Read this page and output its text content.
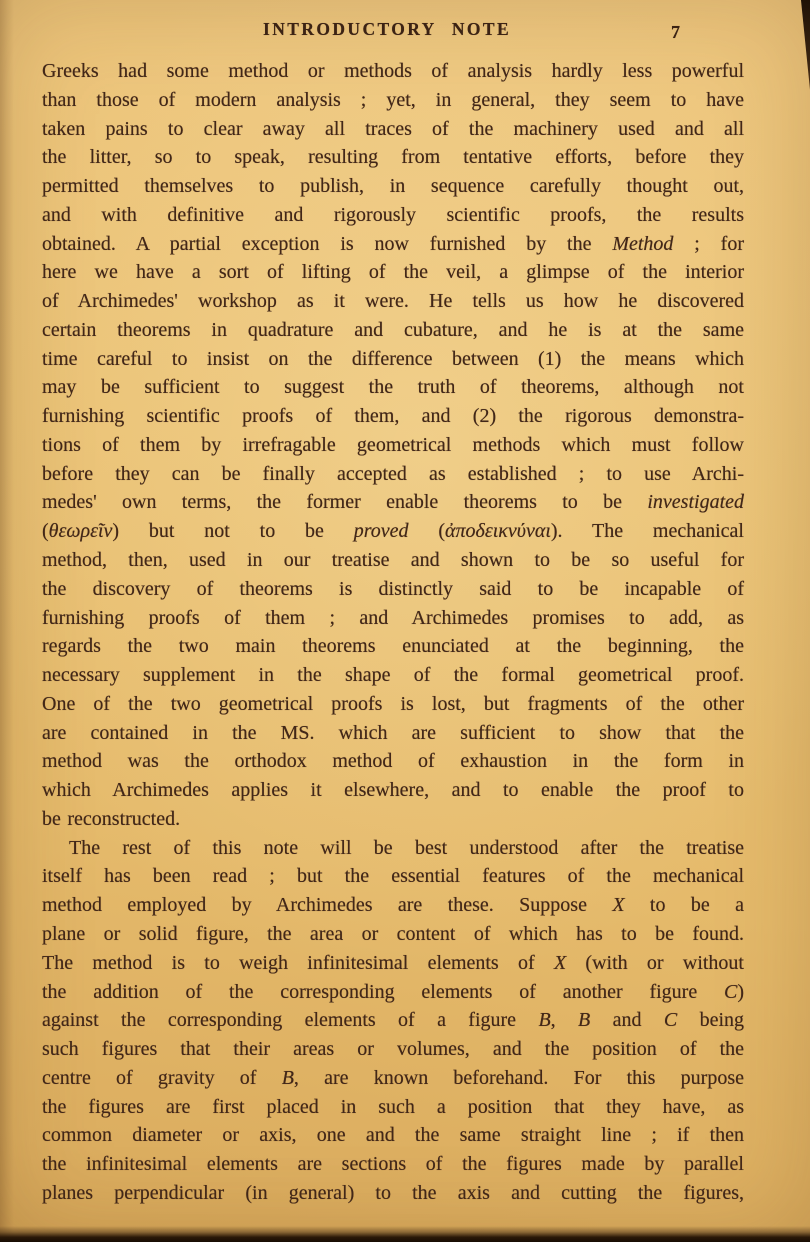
INTRODUCTORY NOTE	7
Greeks had some method or methods of analysis hardly less powerful
than those of modern analysis ; yet, in general, they seem to have
taken pains to clear away all traces of the machinery used and all
the litter, so to speak, resulting from tentative efforts, before they
permitted themselves to publish, in sequence carefully thought out,
and with definitive and rigorously scientific proofs, the results
obtained. A partial exception is now furnished by the Method ; for
here we have a sort of lifting of the veil, a glimpse of the interior
of Archimedes' workshop as it were. He tells us how he discovered
certain theorems in quadrature and cubature, and he is at the same
time careful to insist on the difference between (1) the means which
may be sufficient to suggest the truth of theorems, although not
furnishing scientific proofs of them, and (2) the rigorous demonstra-
tions of them by irrefragable geometrical methods which must follow
before they can be finally accepted as established ; to use Archi-
medes' own terms, the former enable theorems to be investigated
(θεωρεῖν) but not to be proved (ἀποδεικνύναι). The mechanical
method, then, used in our treatise and shown to be so useful for
the discovery of theorems is distinctly said to be incapable of
furnishing proofs of them ; and Archimedes promises to add, as
regards the two main theorems enunciated at the beginning, the
necessary supplement in the shape of the formal geometrical proof.
One of the two geometrical proofs is lost, but fragments of the other
are contained in the MS. which are sufficient to show that the
method was the orthodox method of exhaustion in the form in
which Archimedes applies it elsewhere, and to enable the proof to
be reconstructed.
The rest of this note will be best understood after the treatise
itself has been read ; but the essential features of the mechanical
method employed by Archimedes are these. Suppose X to be a
plane or solid figure, the area or content of which has to be found.
The method is to weigh infinitesimal elements of X (with or without
the addition of the corresponding elements of another figure C)
against the corresponding elements of a figure B, B and C being
such figures that their areas or volumes, and the position of the
centre of gravity of B, are known beforehand. For this purpose
the figures are first placed in such a position that they have, as
common diameter or axis, one and the same straight line ; if then
the infinitesimal elements are sections of the figures made by parallel
planes perpendicular (in general) to the axis and cutting the figures,
